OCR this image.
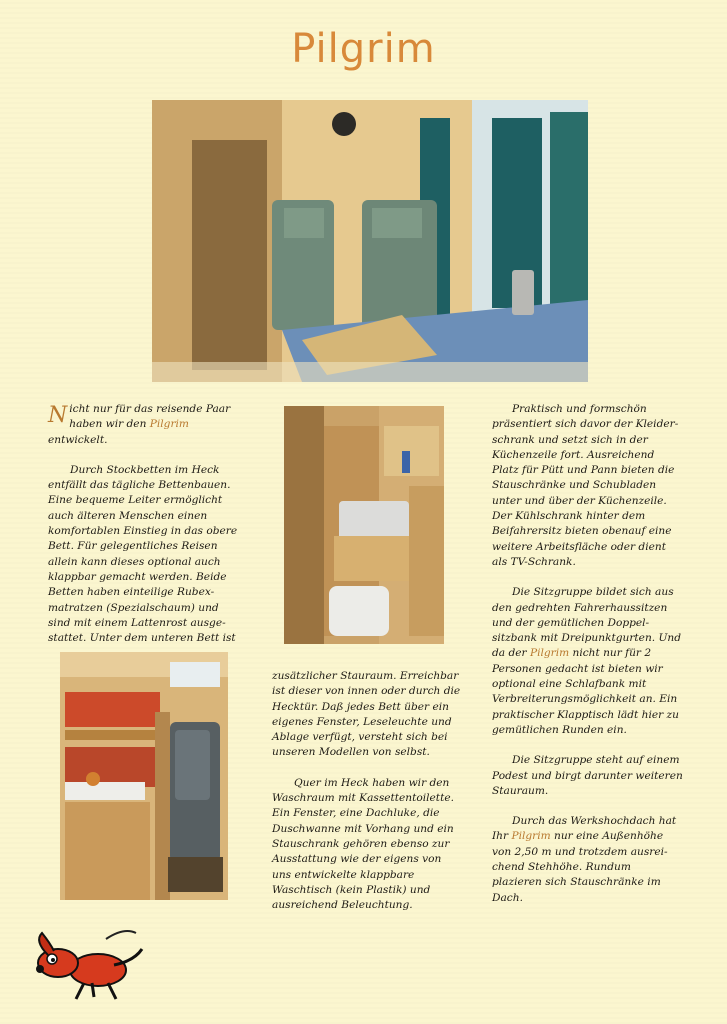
Pilgrim

Nicht nur für das reisende Paar haben wir den Pilgrim entwickelt.

Durch Stockbetten im Heck entfällt das tägliche Bettenbauen. Eine bequeme Leiter ermöglicht auch älteren Menschen einen komfortablen Einstieg in das obere Bett. Für gelegentliches Reisen allein kann dieses optional auch klappbar gemacht werden. Beide Betten haben einteilige Rubex-matratzen (Spezialschaum) und sind mit einem Lattenrost ausge-stattet. Unter dem unteren Bett ist

zusätzlicher Stauraum. Erreichbar ist dieser von innen oder durch die Hecktür. Daß jedes Bett über ein eigenes Fenster, Leseleuchte und Ablage verfügt, versteht sich bei unseren Modellen von selbst.

Quer im Heck haben wir den Waschraum mit Kassettentoilette. Ein Fenster, eine Dachluke, die Duschwanne mit Vorhang und ein Stauschrank gehören ebenso zur Ausstattung wie der eigens von uns entwickelte klappbare Waschtisch (kein Plastik) und ausreichend Beleuchtung.

Praktisch und formschön präsentiert sich davor der Kleider-schrank und setzt sich in der Küchenzeile fort. Ausreichend Platz für Pütt und Pann bieten die Stauschränke und Schubladen unter und über der Küchenzeile. Der Kühlschrank hinter dem Beifahrersitz bieten obenauf eine weitere Arbeitsfläche oder dient als TV-Schrank.

Die Sitzgruppe bildet sich aus den gedrehten Fahrerhaussitzen und der gemütlichen Doppel-sitzbank mit Dreipunktgurten. Und da der Pilgrim nicht nur für 2 Personen gedacht ist bieten wir optional eine Schlafbank mit Verbreiterungsmöglichkeit an. Ein praktischer Klapptisch lädt hier zu gemütlichen Runden ein.

Die Sitzgruppe steht auf einem Podest und birgt darunter weiteren Stauraum.

Durch das Werkshochdach hat Ihr Pilgrim nur eine Außenhöhe von 2,50 m und trotzdem ausrei-chend Stehhöhe. Rundum plazieren sich Stauschränke im Dach.
